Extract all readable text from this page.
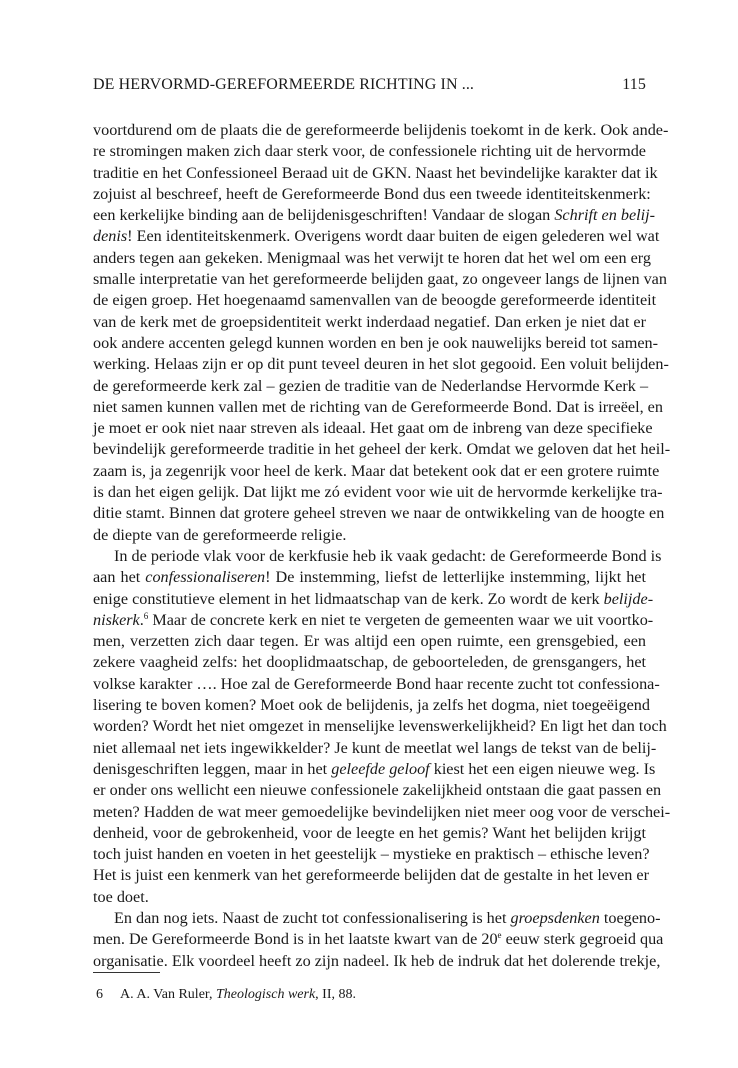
DE HERVORMD-GEREFORMEERDE RICHTING IN ...	115
voortdurend om de plaats die de gereformeerde belijdenis toekomt in de kerk. Ook ande-
re stromingen maken zich daar sterk voor, de confessionele richting uit de hervormde
traditie en het Confessioneel Beraad uit de GKN. Naast het bevindelijke karakter dat ik
zojuist al beschreef, heeft de Gereformeerde Bond dus een tweede identiteitskenmerk:
een kerkelijke binding aan de belijdenisgeschriften! Vandaar de slogan Schrift en belij-
denis! Een identiteitskenmerk. Overigens wordt daar buiten de eigen gelederen wel wat
anders tegen aan gekeken. Menigmaal was het verwijt te horen dat het wel om een erg
smalle interpretatie van het gereformeerde belijden gaat, zo ongeveer langs de lijnen van
de eigen groep. Het hoegenaamd samenvallen van de beoogde gereformeerde identiteit
van de kerk met de groepsidentiteit werkt inderdaad negatief. Dan erken je niet dat er
ook andere accenten gelegd kunnen worden en ben je ook nauwelijks bereid tot samen-
werking. Helaas zijn er op dit punt teveel deuren in het slot gegooid. Een voluit belijden-
de gereformeerde kerk zal – gezien de traditie van de Nederlandse Hervormde Kerk –
niet samen kunnen vallen met de richting van de Gereformeerde Bond. Dat is irreëel, en
je moet er ook niet naar streven als ideaal. Het gaat om de inbreng van deze specifieke
bevindelijk gereformeerde traditie in het geheel der kerk. Omdat we geloven dat het heil-
zaam is, ja zegenrijk voor heel de kerk. Maar dat betekent ook dat er een grotere ruimte
is dan het eigen gelijk. Dat lijkt me zó evident voor wie uit de hervormde kerkelijke tra-
ditie stamt. Binnen dat grotere geheel streven we naar de ontwikkeling van de hoogte en
de diepte van de gereformeerde religie.
In de periode vlak voor de kerkfusie heb ik vaak gedacht: de Gereformeerde Bond is
aan het confessionaliseren! De instemming, liefst de letterlijke instemming, lijkt het
enige constitutieve element in het lidmaatschap van de kerk. Zo wordt de kerk belijde-
niskerk.$^6$ Maar de concrete kerk en niet te vergeten de gemeenten waar we uit voortko-
men, verzetten zich daar tegen. Er was altijd een open ruimte, een grensgebied, een
zekere vaagheid zelfs: het dooplidmaatschap, de geboorteleden, de grensgangers, het
volkse karakter …. Hoe zal de Gereformeerde Bond haar recente zucht tot confessiona-
lisering te boven komen? Moet ook de belijdenis, ja zelfs het dogma, niet toegeëigend
worden? Wordt het niet omgezet in menselijke levenswerkelijkheid? En ligt het dan toch
niet allemaal net iets ingewikkelder? Je kunt de meetlat wel langs de tekst van de belij-
denisgeschriften leggen, maar in het geleefde geloof kiest het een eigen nieuwe weg. Is
er onder ons wellicht een nieuwe confessionele zakelijkheid ontstaan die gaat passen en
meten? Hadden de wat meer gemoedelijke bevindelijken niet meer oog voor de verschei-
denheid, voor de gebrokenheid, voor de leegte en het gemis? Want het belijden krijgt
toch juist handen en voeten in het geestelijk – mystieke en praktisch – ethische leven?
Het is juist een kenmerk van het gereformeerde belijden dat de gestalte in het leven er
toe doet.
En dan nog iets. Naast de zucht tot confessionalisering is het groepsdenken toegeno-
men. De Gereformeerde Bond is in het laatste kwart van de 20e eeuw sterk gegroeid qua
organisatie. Elk voordeel heeft zo zijn nadeel. Ik heb de indruk dat het dolerende trekje,
6 A. A. Van Ruler, Theologisch werk, II, 88.
